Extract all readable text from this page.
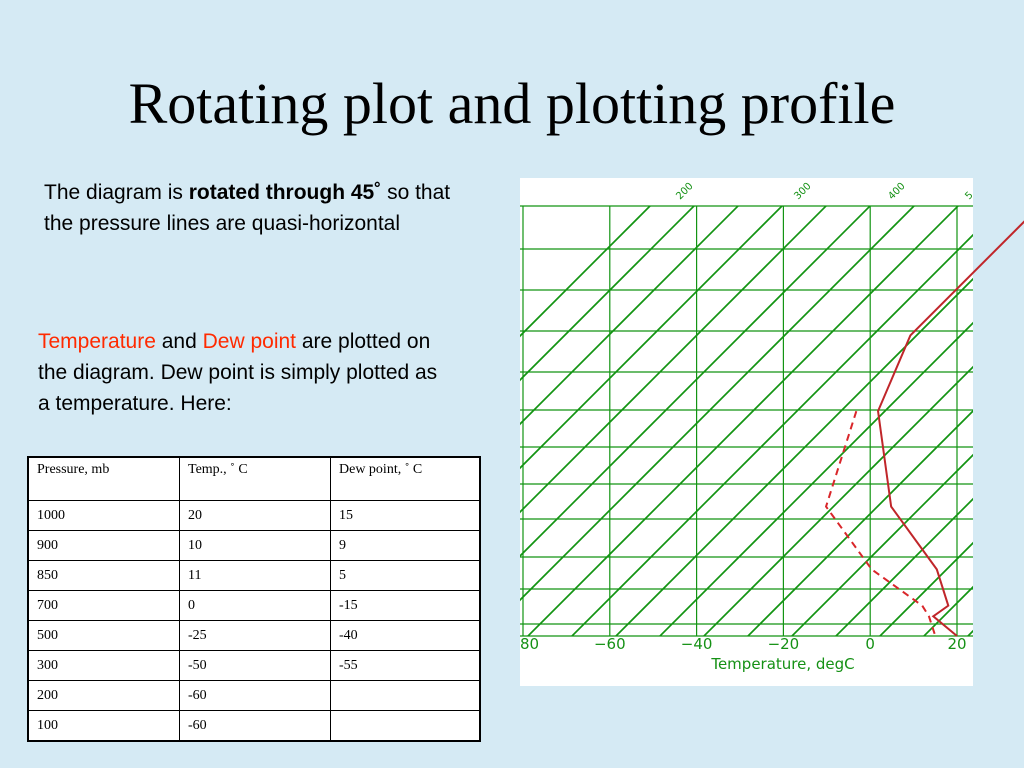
Rotating plot and plotting profile
The diagram is rotated through 45˚ so that the pressure lines are quasi-horizontal
Temperature and Dew point are plotted on the diagram. Dew point is simply plotted as a temperature. Here:
Pressure, mb	Temp., ˚ C	Dew point, ˚ C
1000	20	15
900	10	9
850	11	5
700	0	-15
500	-25	-40
300	-50	-55
200	-60	
100	-60	
200	300	400	5
80	−60	−40	−20	0	20
Temperature, degC
